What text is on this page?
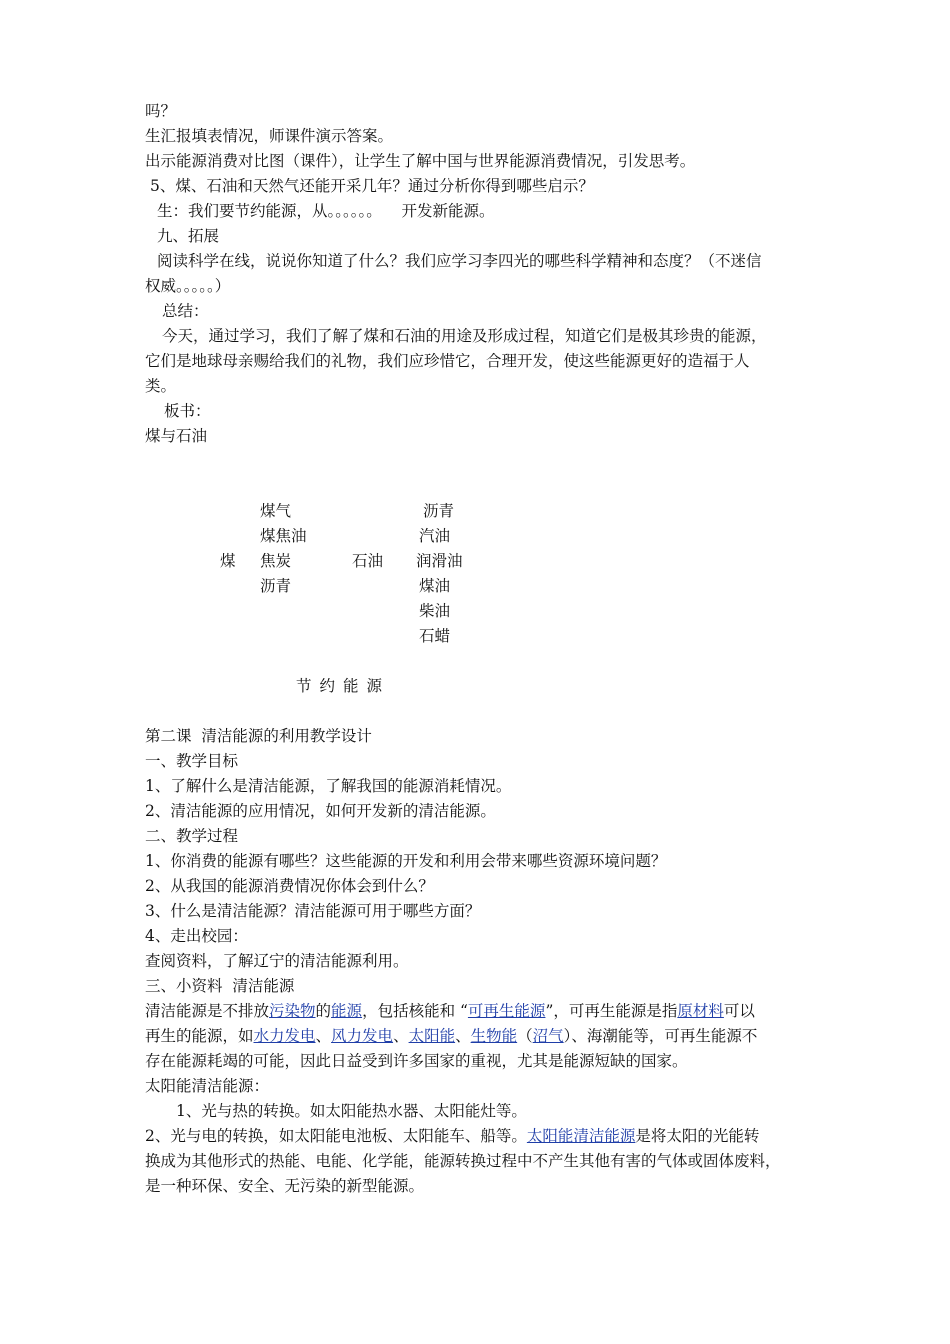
吗？
生汇报填表情况，师课件演示答案。
出示能源消费对比图（课件），让学生了解中国与世界能源消费情况，引发思考。
5、煤、石油和天然气还能开采几年？通过分析你得到哪些启示？
生：我们要节约能源，从。。。。。。    开发新能源。
九、拓展
阅读科学在线，说说你知道了什么？我们应学习李四光的哪些科学精神和态度？（不迷信
权威。。。。。）
总结：
今天，通过学习，我们了解了煤和石油的用途及形成过程，知道它们是极其珍贵的能源，
它们是地球母亲赐给我们的礼物，我们应珍惜它，合理开发，使这些能源更好的造福于人
类。
板书：
煤与石油
煤气
煤焦油
煤 焦炭
沥青
石油
沥青
汽油
润滑油
煤油
柴油
石蜡
节约能源
第二课  清洁能源的利用教学设计
一、教学目标
1、了解什么是清洁能源，了解我国的能源消耗情况。
2、清洁能源的应用情况，如何开发新的清洁能源。
二、教学过程
1、你消费的能源有哪些？这些能源的开发和利用会带来哪些资源环境问题？
2、从我国的能源消费情况你体会到什么？
3、什么是清洁能源？清洁能源可用于哪些方面？
4、走出校园：
查阅资料，了解辽宁的清洁能源利用。
三、小资料  清洁能源
清洁能源是不排放污染物的能源，包括核能和 “可再生能源”，可再生能源是指原材料可以
再生的能源，如水力发电、风力发电、太阳能、生物能（沼气）、海潮能等，可再生能源不
存在能源耗竭的可能，因此日益受到许多国家的重视，尤其是能源短缺的国家。
太阳能清洁能源：
1、光与热的转换。如太阳能热水器、太阳能灶等。
2、光与电的转换，如太阳能电池板、太阳能车、船等。太阳能清洁能源是将太阳的光能转
换成为其他形式的热能、电能、化学能，能源转换过程中不产生其他有害的气体或固体废料，
是一种环保、安全、无污染的新型能源。
